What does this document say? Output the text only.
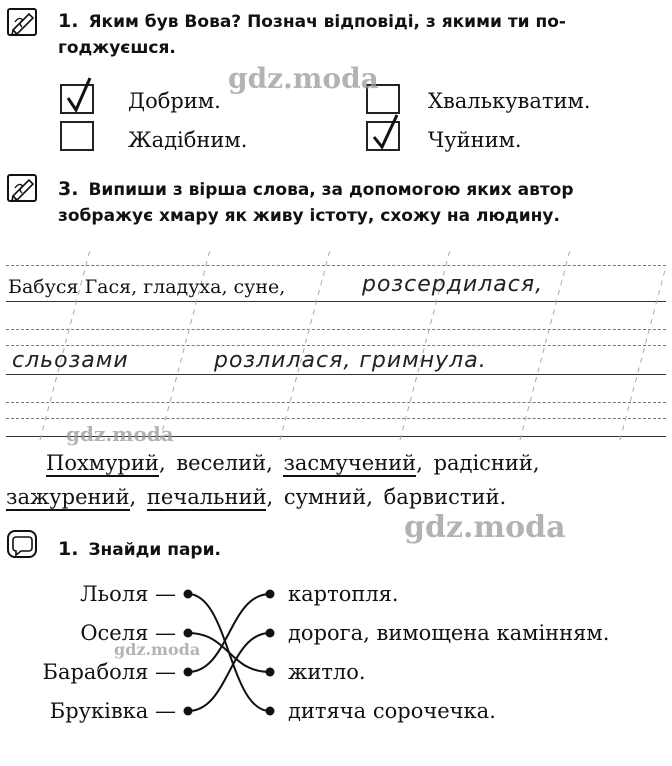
1. Яким був Вова? Познач відповіді, з якими ти по-
годжуєшся.
Добрим.	Хвалькуватим.
Жадібним.	Чуйним.
3. Випиши з вірша слова, за допомогою яких автор
зображує хмару як живу істоту, схожу на людину.
Бабуся Гася, гладуха, суне,	розсердилася,
сльозами	розлилася, гримнула.
Похмурий, веселий, засмучений, радісний,
зажурений, печальний, сумний, барвистий.
1. Знайди пари.
Льоля —
Оселя —
Бараболя —
Бруківка —
картопля.
дорога, вимощена камінням.
житло.
дитяча сорочечка.
gdz.moda
gdz.moda
gdz.moda
gdz.moda
